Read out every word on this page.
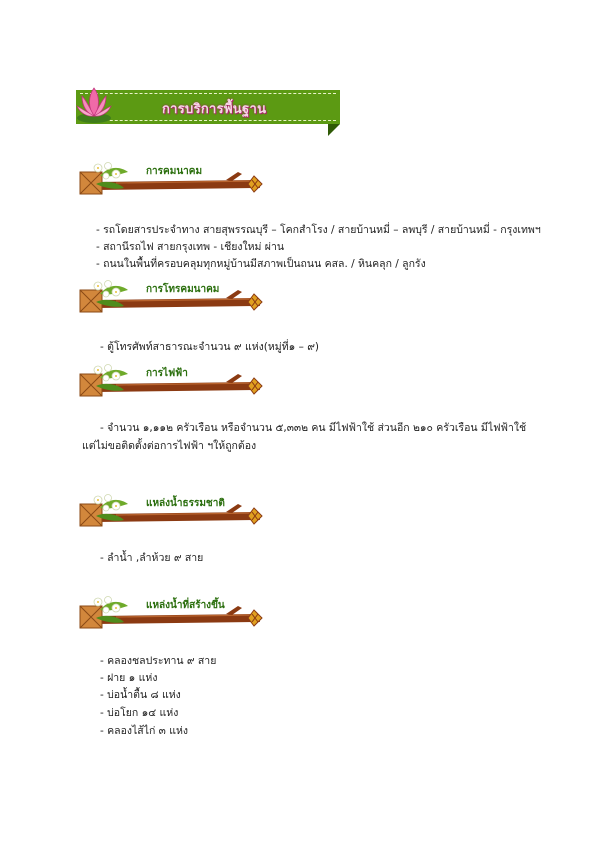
การบริการพื้นฐาน
การคมนาคม
- รถโดยสารประจำทาง สายสุพรรณบุรี – โคกสำโรง / สายบ้านหมี่ – ลพบุรี / สายบ้านหมี่ - กรุงเทพฯ
- สถานีรถไฟ สายกรุงเทพ - เชียงใหม่ ผ่าน
- ถนนในพื้นที่ครอบคลุมทุกหมู่บ้านมีสภาพเป็นถนน คสล. / หินคลุก / ลูกรัง
การโทรคมนาคม
- ตู้โทรศัพท์สาธารณะจำนวน ๙ แห่ง(หมู่ที่๑ – ๙)
การไฟฟ้า
- จำนวน ๑,๑๑๒ ครัวเรือน หรือจำนวน ๕,๓๓๒ คน มีไฟฟ้าใช้ ส่วนอีก ๒๑๐ ครัวเรือน มีไฟฟ้าใช้
แต่ไม่ขอติดตั้งต่อการไฟฟ้า ฯให้ถูกต้อง
แหล่งน้ำธรรมชาติ
- ลำน้ำ ,ลำห้วย ๙ สาย
แหล่งน้ำที่สร้างขึ้น
- คลองชลประทาน ๙ สาย
- ฝาย ๑ แห่ง
- บ่อน้ำตื้น ๘ แห่ง
- บ่อโยก ๑๔ แห่ง
- คลองไส้ไก่ ๓ แห่ง
